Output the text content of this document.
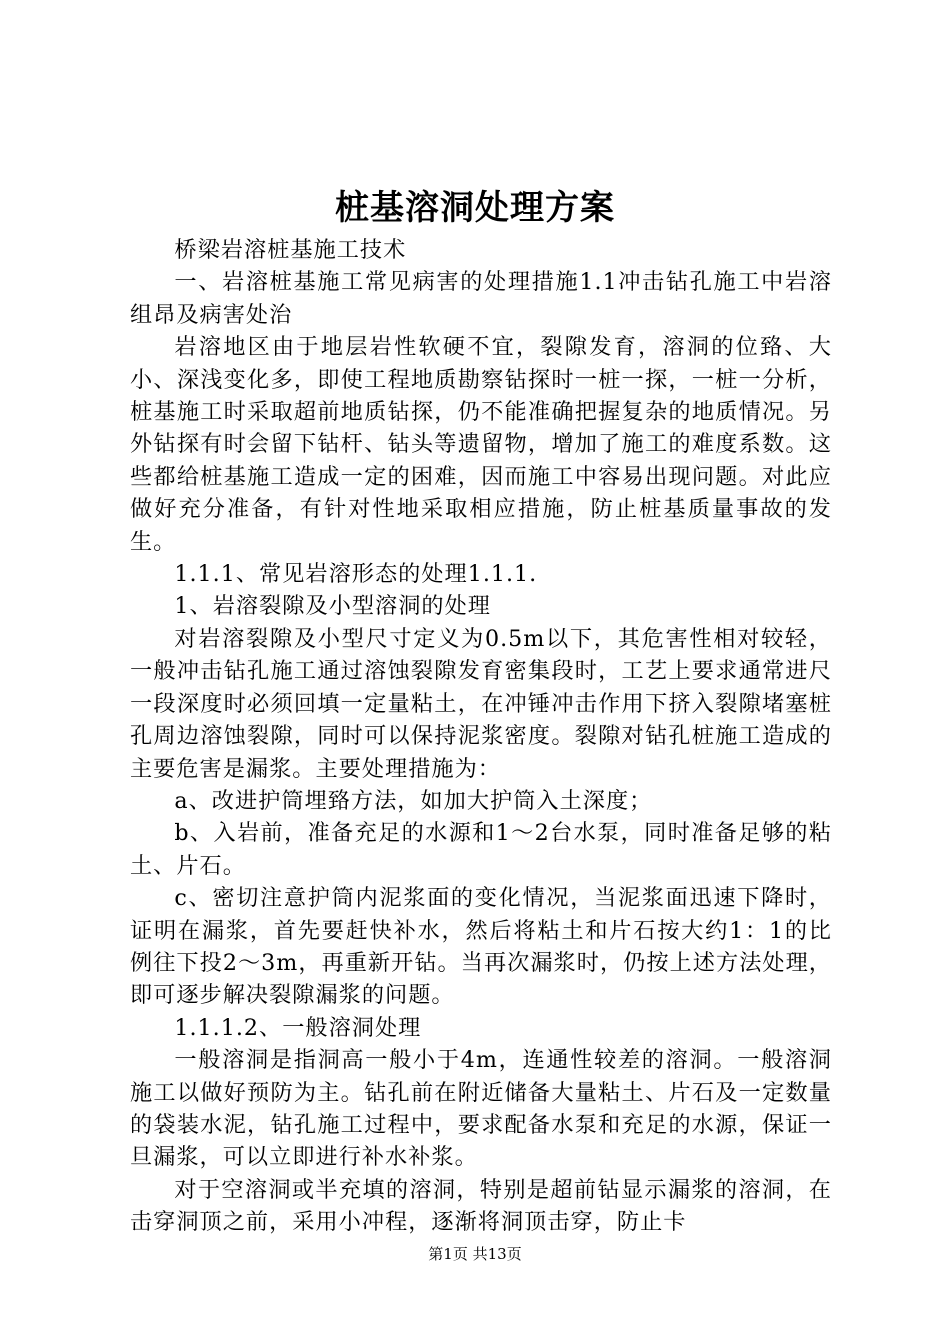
桩基溶洞处理方案

桥梁岩溶桩基施工技术

一、岩溶桩基施工常见病害的处理措施1.1冲击钻孔施工中岩溶组昂及病害处治

岩溶地区由于地层岩性软硬不宜，裂隙发育，溶洞的位臵、大小、深浅变化多，即使工程地质勘察钻探时一桩一探，一桩一分析，桩基施工时采取超前地质钻探，仍不能准确把握复杂的地质情况。另外钻探有时会留下钻杆、钻头等遗留物，增加了施工的难度系数。这些都给桩基施工造成一定的困难，因而施工中容易出现问题。对此应做好充分准备，有针对性地采取相应措施，防止桩基质量事故的发生。

1.1.1、常见岩溶形态的处理1.1.1.

1、岩溶裂隙及小型溶洞的处理

对岩溶裂隙及小型尺寸定义为0.5m以下，其危害性相对较轻，一般冲击钻孔施工通过溶蚀裂隙发育密集段时，工艺上要求通常进尺一段深度时必须回填一定量粘土，在冲锤冲击作用下挤入裂隙堵塞桩孔周边溶蚀裂隙，同时可以保持泥浆密度。裂隙对钻孔桩施工造成的主要危害是漏浆。主要处理措施为：

a、改进护筒埋臵方法，如加大护筒入土深度；

b、入岩前，准备充足的水源和1～2台水泵，同时准备足够的粘土、片石。

c、密切注意护筒内泥浆面的变化情况，当泥浆面迅速下降时，证明在漏浆，首先要赶快补水，然后将粘土和片石按大约1：1的比例往下投2～3m，再重新开钻。当再次漏浆时，仍按上述方法处理，即可逐步解决裂隙漏浆的问题。

1.1.1.2、一般溶洞处理

一般溶洞是指洞高一般小于4m，连通性较差的溶洞。一般溶洞施工以做好预防为主。钻孔前在附近储备大量粘土、片石及一定数量的袋装水泥，钻孔施工过程中，要求配备水泵和充足的水源，保证一旦漏浆，可以立即进行补水补浆。

对于空溶洞或半充填的溶洞，特别是超前钻显示漏浆的溶洞，在击穿洞顶之前，采用小冲程，逐渐将洞顶击穿，防止卡

第1页 共13页
